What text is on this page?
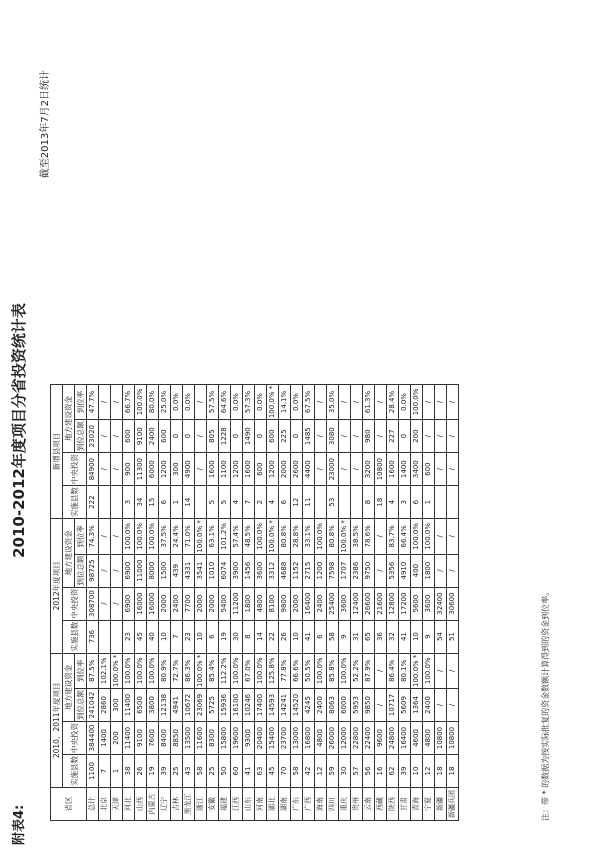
附表4:
2010-2012年度项目分省投资统计表
截至2013年7月2日统计
省区	2010、2011年度项目				2012年度项目				新增县项目			
	实施县数	中央投资	地方建设资金		实施县数	中央投资	地方建设资金		实施县数	中央投资	地方建设资金	
			到位总额	到位率			到位总额	到位率			到位总额	到位率
总计	1100	384400	241042	87.5%	736	308700	98725	74.3%	222	84900	23020	47.7%
北京	7	1400	2860	102.1%		/	/	/		/	/	/
天津	1	200	300	100.0% *		/	/	/		/	/	/
河北	38	11400	11400	100.0%	23	6900	6900	100.0%	3	900	600	66.7%
山西	26	9100	6500	100.0%	45	16000	11000	100.0%	34	11300	9100	100.0%
内蒙古	19	7600	3800	100.0%	40	16000	8000	100.0%	15	6000	2400	80.0%
辽宁	39	8400	12138	80.9%	10	2000	1500	37.5%	6	1200	600	25.0%
吉林	25	8850	4941	72.7%	7	2400	439	24.4%	1	300	0	0.0%
黑龙江	43	13500	10672	86.3%	23	7700	4331	71.0%	14	4900	0	0.0%
浙江	58	11600	23069	100.0% *	10	2000	3541	100.0% *		/	/	/
安徽	25	8300	5725	85.4%	6	2000	1010	63.1%	5	1600	805	57.5%
福建	50	15800	15936	112.2%	19	5400	6074	101.2%	5	1100	1228	64.6%
江西	60	19600	16100	100.0%	30	11200	3900	57.4%	4	1200	0	0.0%
山东	41	9300	10246	67.0%	8	1800	1456	48.5%	7	1600	1490	57.3%
河南	63	20400	17400	100.0%	14	4800	3600	100.0%	2	600	0	0.0%
湖北	45	15400	14593	125.8%	22	8100	3312	100.0% *	4	1200	600	100.0% *
湖南	70	23700	14241	77.8%	26	9800	4688	80.8%	6	2000	225	14.1%
广东	58	13000	14520	66.6%	10	2000	1152	28.8%	12	2600	0	0.0%
广西	42	16800	4245	50.5%	41	16400	2715	33.1%	11	4400	1485	67.5%
海南	12	4800	2400	100.0%	6	2400	1200	100.0%		/	/	/
四川	59	26000	8063	85.8%	58	25400	7598	80.8%	53	23000	3080	35.0%
重庆	30	12000	6000	100.0%	9	3600	1707	100.0% *		/	/	/
贵州	57	22800	5953	52.2%	31	12400	2386	38.5%		/	/	/
云南	56	22400	9850	87.9%	65	26600	9750	78.6%	8	3200	980	61.3%
西藏	16	9600	/	/	36	21600	/	/	18	10800	/	/
陕西	62	24800	10717	86.4%	32	12800	5356	83.7%	4	1600	227	28.4%
甘肃	39	16400	5609	80.1%	41	17200	4910	66.4%	3	1400	0	0.0%
青海	10	4600	1364	100.0% *	10	5600	400	100.0%	6	3400	200	100.0%
宁夏	12	4800	2400	100.0%	9	3600	1800	100.0%	1	600	/	/
新疆	18	10800	/	/	54	32400	/	/		/	/	/
新疆兵团	18	10800	/	/	51	30600	/	/		/	/	/
注：带 * 的数据为按实际批复的资金数额计算得到的资金到位率。
